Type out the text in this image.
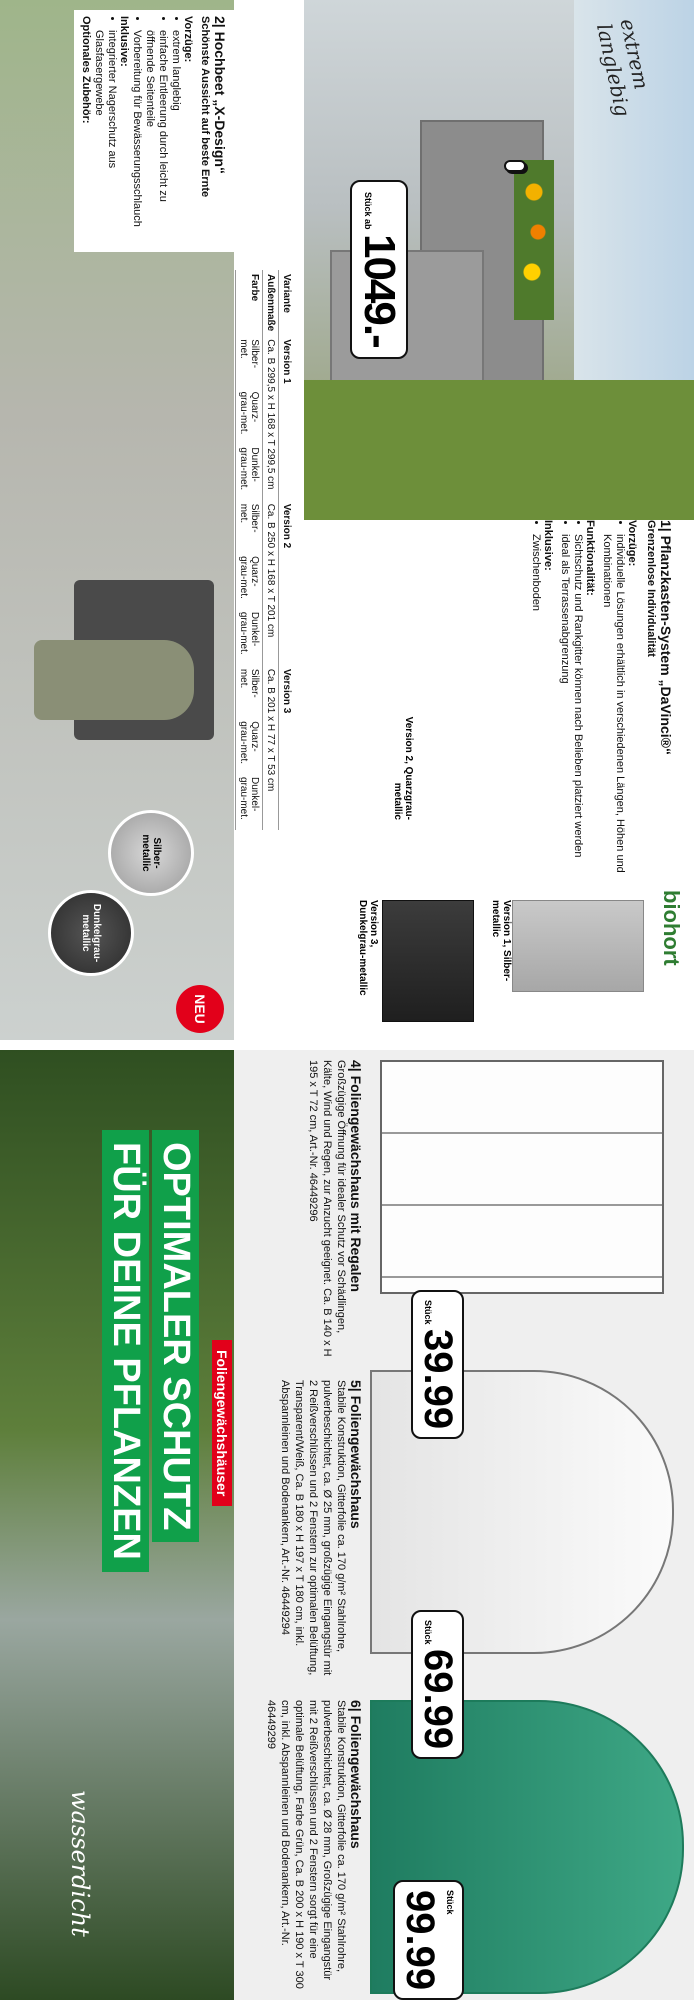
extrem langlebig
Stück ab 1049.-
Version 2, Quarzgrau-metallic
Variante	Version 1			Version 2			Version 3		
Außenmaße	Ca. B 299,5 x H 168 x T 299,5 cm			Ca. B 250 x H 168 x T 201 cm			Ca. B 201 x H 77 x T 53 cm		
Farbe	Silber-met.	Quarz-grau-met.	Dunkel-grau-met.	Silber-met.	Quarz-grau-met.	Dunkel-grau-met.	Silber-met.	Quarz-grau-met.	Dunkel-grau-met.

1| Pflanzkasten-System „DaVinci®“
Grenzenlose Individualität
Vorzüge:
• individuelle Lösungen erhältlich in verschiedenen Längen, Höhen und Kombinationen
Funktionalität:
• Sichtschutz und Rankgitter können nach Belieben platziert werden
• ideal als Terrassenabgrenzung
Inklusive:
• Zwischenboden
biohort
Version 1, Silber-metallic
Version 3, Dunkelgrau-metallic
2| Hochbeet „X-Design“
Schönste Aussicht auf beste Ernte
Vorzüge:
• extrem langlebig
• einfache Entleerung durch leicht zu öffnende Seitenteile
• Vorbereitung für Bewässerungsschlauch
Inklusive:
• integrierter Nagerschutz aus Glasfasergewebe
Optionales Zubehör:
Silber-metallic
Dunkelgrau-metallic
NEU
Stück 39.99
Stück 69.99
Stück 99.99
4| Foliengewächshaus mit Regalen
Großzügige Öffnung für idealer Schutz vor Schädlingen, Kälte, Wind und Regen, zur Anzucht geeignet. Ca. B 140 x H 195 x T 72 cm, Art.-Nr. 46449296
5| Foliengewächshaus
Stabile Konstruktion, Gitterfolie ca. 170 g/m² Stahlrohre, pulverbeschichtet, ca. Ø 25 mm, großzügige Eingangstür mit 2 Reißverschlüssen und 2 Fenstern zur optimalen Belüftung, Transparent/Weiß, Ca. B 180 x H 197 x T 180 cm, inkl. Abspannleinen und Bodenankern, Art.-Nr. 46449294
6| Foliengewächshaus
Stabile Konstruktion, Gitterfolie ca. 170 g/m² Stahlrohre, pulverbeschichtet, ca. Ø 28 mm, Großzügige Eingangstür mit 2 Reißverschlüssen und 2 Fenstern sorgt für eine optimale Belüftung, Farbe Grün, Ca. B 200 x H 190 x T 300 cm, inkl. Abspannleinen und Bodenankern, Art.-Nr. 46449299
Foliengewächshäuser
OPTIMALER SCHUTZ
FÜR DEINE PFLANZEN
wasserdicht
